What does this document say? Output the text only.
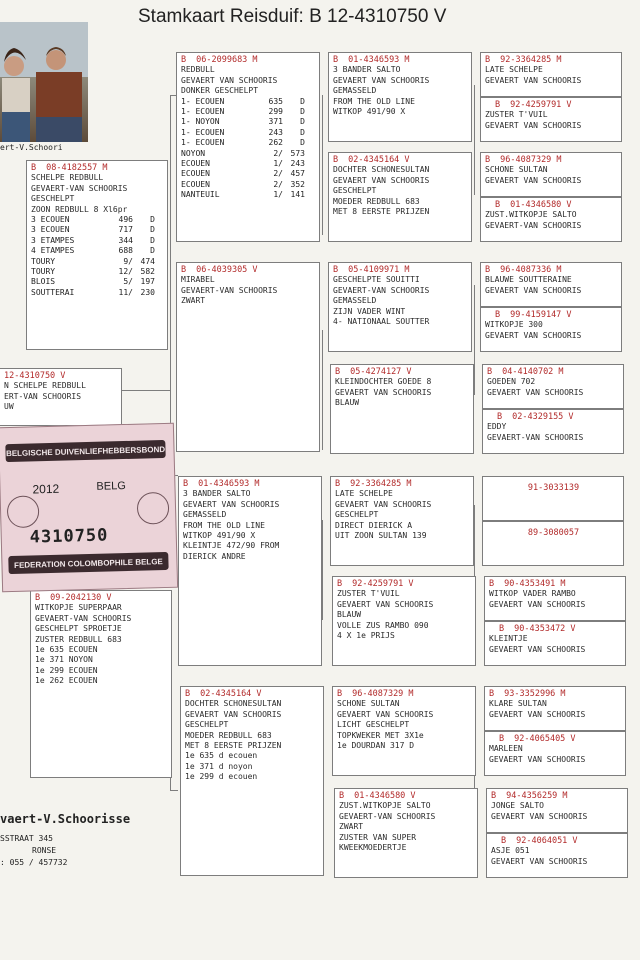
Stamkaart Reisduif: B 12-4310750 V
ert-V.Schoori
B 08-4182557 M
SCHELPE REDBULL
GEVAERT-VAN SCHOORIS
GESCHELPT
ZOON REDBULL 8 Xl6pr
3 ECOUEN	496	D
3 ECOUEN	717	D
3 ETAMPES	344	D
4 ETAMPES	688	D
TOURY	9/ 474
TOURY	12/ 582
BLOIS	5/ 197
SOUTTERAI	11/ 230
12-4310750 V
N SCHELPE REDBULL
ERT-VAN SCHOORIS
UW
B 09-2042130 V
WITKOPJE SUPERPAAR
GEVAERT-VAN SCHOORIS
GESCHELPT SPROETJE
ZUSTER REDBULL 683
1e 635 ECOUEN
1e 371 NOYON
1e 299 ECOUEN
1e 262 ECOUEN
BELGISCHE DUIVENLIEFHEBBERSBOND
2012	BELG
4310750
FEDERATION COLOMBOPHILE BELGE
B 06-2099683 M
REDBULL
GEVAERT VAN SCHOORIS
DONKER GESCHELPT
1- ECOUEN	635	D
1- ECOUEN	299	D
1- NOYON	371	D
1- ECOUEN	243	D
1- ECOUEN	262	D
NOYON	2/ 573
ECOUEN	1/ 243
ECOUEN	2/ 457
ECOUEN	2/ 352
NANTEUIL	1/ 141
B 06-4039305 V
MIRABEL
GEVAERT-VAN SCHOORIS
ZWART
B 01-4346593 M
3 BANDER SALTO
GEVAERT VAN SCHOORIS
GEMASSELD
FROM THE OLD LINE
WITKOP 491/90 X
KLEINTJE 472/90 FROM
DIERICK ANDRE
B 02-4345164 V
DOCHTER SCHONESULTAN
GEVAERT VAN SCHOORIS
GESCHELPT
MOEDER REDBULL 683
MET 8 EERSTE PRIJZEN
1e 635 d ecouen
1e 371 d noyon
1e 299 d ecouen
B 01-4346593 M
3 BANDER SALTO
GEVAERT VAN SCHOORIS
GEMASSELD
FROM THE OLD LINE
WITKOP 491/90 X
B 02-4345164 V
DOCHTER SCHONESULTAN
GEVAERT VAN SCHOORIS
GESCHELPT
MOEDER REDBULL 683
MET 8 EERSTE PRIJZEN
B 05-4109971 M
GESCHELPTE SOUITTI
GEVAERT-VAN SCHOORIS
GEMASSELD
ZIJN VADER WINT
4- NATIONAAL SOUTTER
B 05-4274127 V
KLEINDOCHTER GOEDE 8
GEVAERT VAN SCHOORIS
BLAUW
B 92-3364285 M
LATE SCHELPE
GEVAERT VAN SCHOORIS
GESCHELPT
DIRECT DIERICK A
UIT ZOON SULTAN 139
B 92-4259791 V
ZUSTER T'VUIL
GEVAERT VAN SCHOORIS
BLAUW
VOLLE ZUS RAMBO 090
4 X 1e PRIJS
B 96-4087329 M
SCHONE SULTAN
GEVAERT VAN SCHOORIS
LICHT GESCHELPT
TOPKWEKER MET 3X1e
1e DOURDAN 317 D
B 01-4346580 V
ZUST.WITKOPJE SALTO
GEVAERT-VAN SCHOORIS
ZWART
ZUSTER VAN SUPER
KWEEKMOEDERTJE
B 92-3364285 M
LATE SCHELPE
GEVAERT VAN SCHOORIS
B 92-4259791 V
ZUSTER T'VUIL
GEVAERT VAN SCHOORIS
B 96-4087329 M
SCHONE SULTAN
GEVAERT VAN SCHOORIS
B 01-4346580 V
ZUST.WITKOPJE SALTO
GEVAERT-VAN SCHOORIS
B 96-4087336 M
BLAUWE SOUTTERAINE
GEVAERT VAN SCHOORIS
B 99-4159147 V
WITKOPJE 300
GEVAERT VAN SCHOORIS
B 04-4140702 M
GOEDEN 702
GEVAERT VAN SCHOORIS
B 02-4329155 V
EDDY
GEVAERT-VAN SCHOORIS
91-3033139
89-3080057
B 90-4353491 M
WITKOP VADER RAMBO
GEVAERT VAN SCHOORIS
B 90-4353472 V
KLEINTJE
GEVAERT VAN SCHOORIS
B 93-3352996 M
KLARE SULTAN
GEVAERT VAN SCHOORIS
B 92-4065405 V
MARLEEN
GEVAERT VAN SCHOORIS
B 94-4356259 M
JONGE SALTO
GEVAERT VAN SCHOORIS
B 92-4064051 V
ASJE 051
GEVAERT VAN SCHOORIS
vaert-V.Schoorisse
SSTRAAT 345
RONSE
: 055 / 457732
